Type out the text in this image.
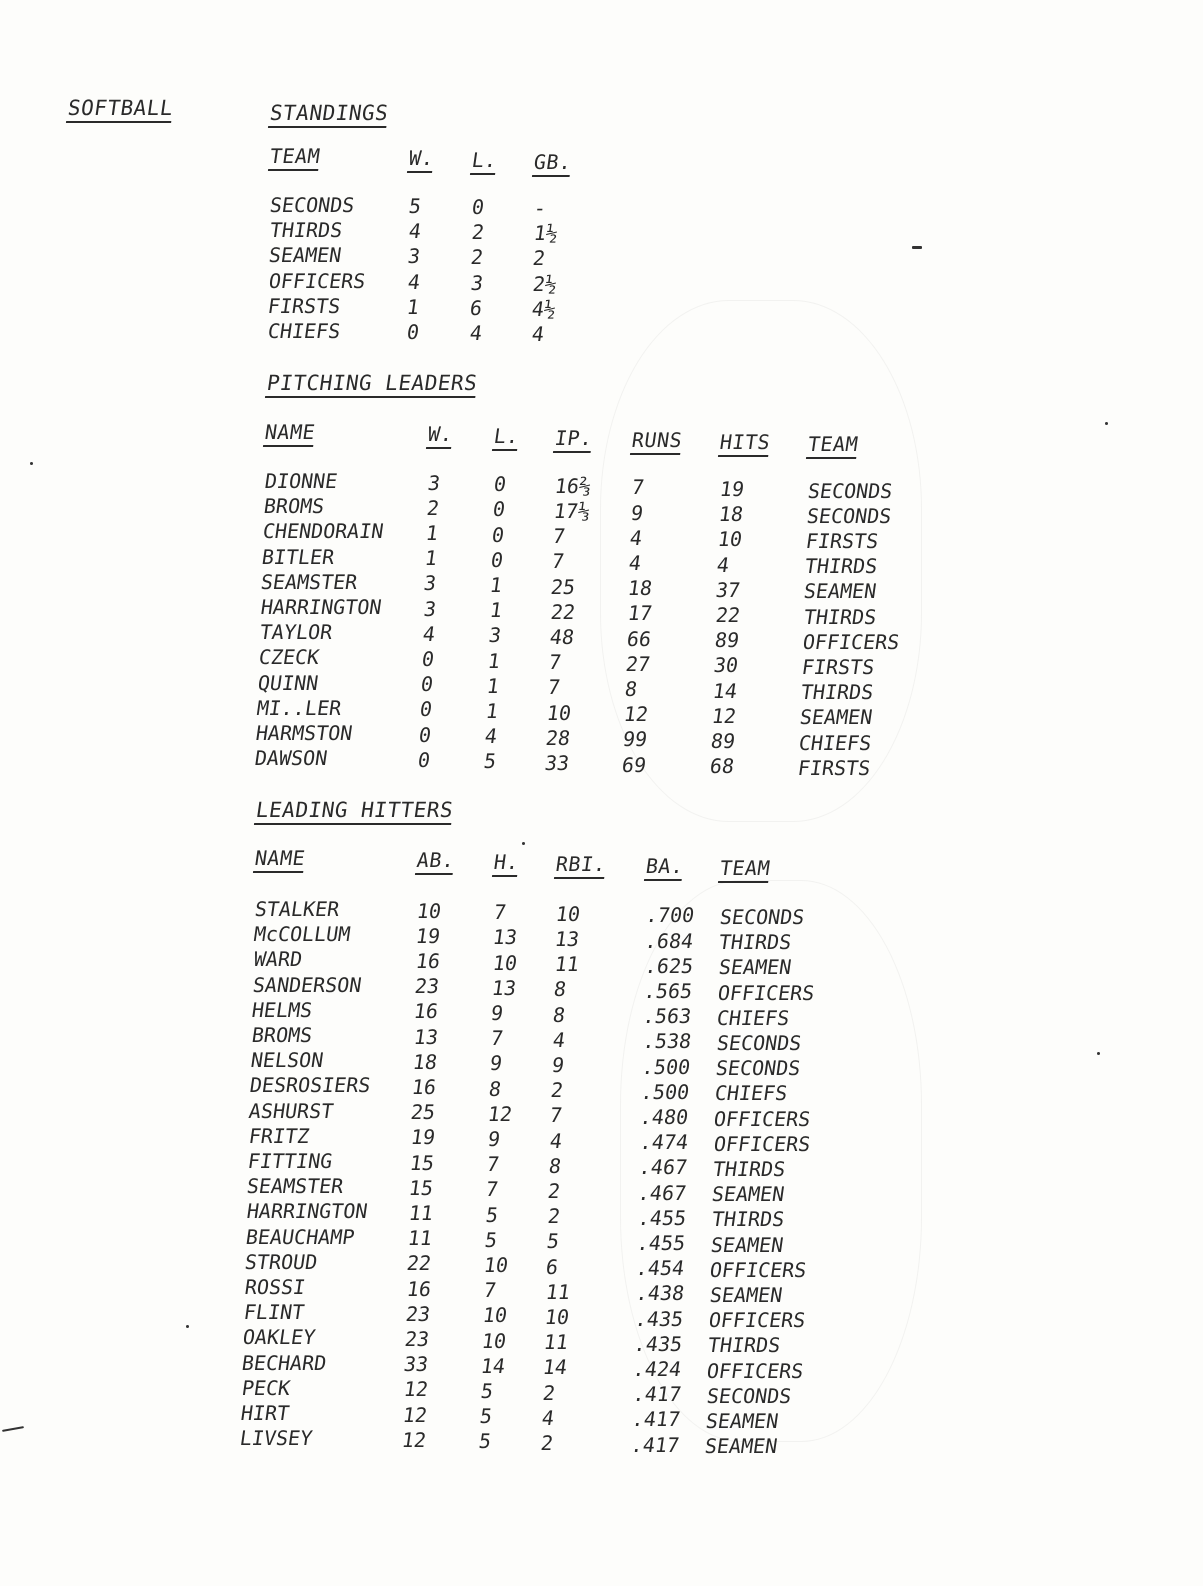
SOFTBALL	STANDINGS
TEAM	W. L. GB.
SECONDS	5 0 -
THIRDS	4 2 1½
SEAMEN	3 2 2
OFFICERS 4 3 2½
FIRSTS	1 6 4½
CHIEFS	0 4 4
PITCHING LEADERS
NAME	W. L. IP. RUNS HITS TEAM
DIONNE	3	0 16⅔ 7	19	SECONDS
BROMS	2	0 17⅓ 9	18	SECONDS
CHENDORAIN 1	0 7	4	10	FIRSTS
BITLER	1	0 7	4	4	THIRDS
SEAMSTER	3	1 25 18	37	SEAMEN
HARRINGTON 3	1 22 17	22	THIRDS
TAYLOR	4	3 48 66	89	OFFICERS
CZECK	0	1 7	27	30	FIRSTS
QUINN	0	1 7	8	14	THIRDS
MI..LER	0	1 10 12	12	SEAMEN
HARMSTON	0	4 28 99	89	CHIEFS
DAWSON	0	5 33 69	68	FIRSTS
LEADING HITTERS
NAME	AB. H. RBI. BA. TEAM
STALKER	10 7 10	.700 SECONDS
McCOLLUM	19 13 13	.684 THIRDS
WARD	16 10 11	.625 SEAMEN
SANDERSON	23 13 8	.565 OFFICERS
HELMS	16 9 8	.563 CHIEFS
BROMS	13 7 4	.538 SECONDS
NELSON	18 9 9	.500 SECONDS
DESROSIERS 16 8 2	.500 CHIEFS
ASHURST	25 12 7	.480 OFFICERS
FRITZ	19 9 4	.474 OFFICERS
FITTING	15 7 8	.467 THIRDS
SEAMSTER	15 7 2	.467 SEAMEN
HARRINGTON 11 5 2	.455 THIRDS
BEAUCHAMP	11 5 5	.455 SEAMEN
STROUD	22 10 6	.454 OFFICERS
ROSSI	16 7 11	.438 SEAMEN
FLINT	23 10 10	.435 OFFICERS
OAKLEY	23 10 11	.435 THIRDS
BECHARD	33 14 14	.424 OFFICERS
PECK	12 5 2	.417 SECONDS
HIRT	12 5 4	.417 SEAMEN
LIVSEY	12 5 2	.417 SEAMEN
